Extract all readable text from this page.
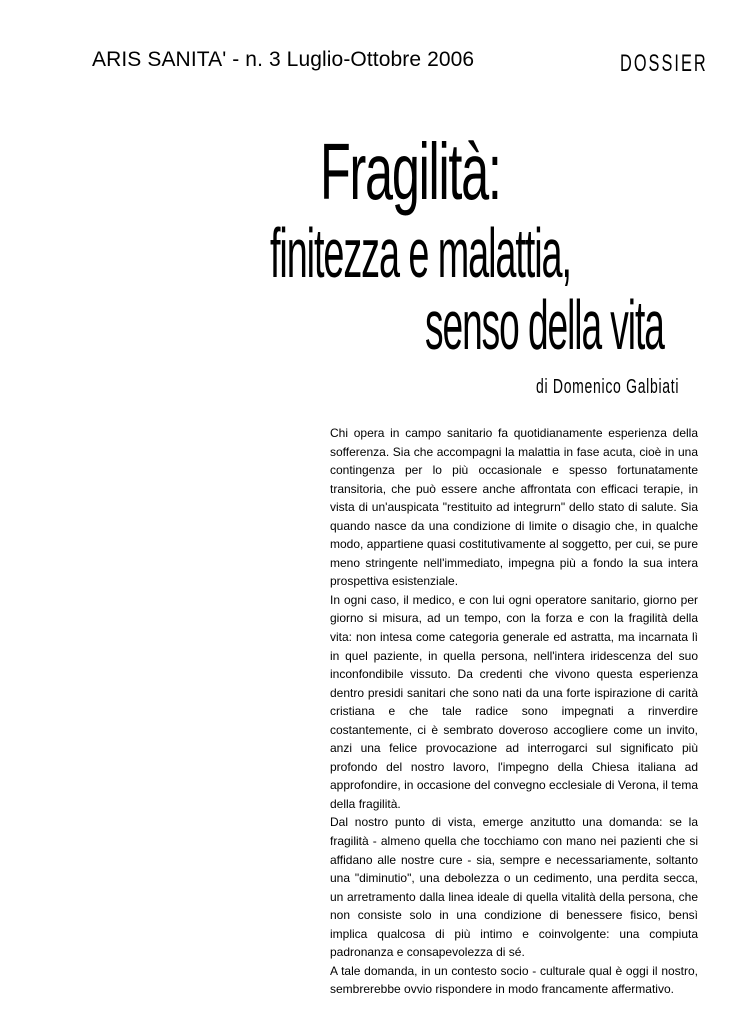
ARIS SANITA' - n. 3 Luglio-Ottobre 2006	DOSSIER
Fragilità:
finitezza e malattia,
senso della vita
di Domenico Galbiati

Chi opera in campo sanitario fa quotidianamente esperienza della sofferenza. Sia che accompagni la malattia in fase acuta, cioè in una contingenza per lo più occasionale e spesso fortunatamente transitoria, che può essere anche affrontata con efficaci terapie, in vista di un'auspicata "restituito ad integrurn" dello stato di salute. Sia quando nasce da una condizione di limite o disagio che, in qualche modo, appartiene quasi costitutivamente al soggetto, per cui, se pure meno stringente nell'immediato, impegna più a fondo la sua intera prospettiva esistenziale.

In ogni caso, il medico, e con lui ogni operatore sanitario, giorno per giorno si misura, ad un tempo, con la forza e con la fragilità della vita: non intesa come categoria generale ed astratta, ma incarnata lì in quel paziente, in quella persona, nell'intera iridescenza del suo inconfondibile vissuto. Da credenti che vivono questa esperienza dentro presidi sanitari che sono nati da una forte ispirazione di carità cristiana e che tale radice sono impegnati a rinverdire costantemente, ci è sembrato doveroso accogliere come un invito, anzi una felice provocazione ad interrogarci sul significato più profondo del nostro lavoro, l'impegno della Chiesa italiana ad approfondire, in occasione del convegno ecclesiale di Verona, il tema della fragilità.

Dal nostro punto di vista, emerge anzitutto una domanda: se la fragilità - almeno quella che tocchiamo con mano nei pazienti che si affidano alle nostre cure - sia, sempre e necessariamente, soltanto una "diminutio", una debolezza o un cedimento, una perdita secca, un arretramento dalla linea ideale di quella vitalità della persona, che non consiste solo in una condizione di benessere fisico, bensì implica qualcosa di più intimo e coinvolgente: una compiuta padronanza e consapevolezza di sé.

A tale domanda, in un contesto socio - culturale qual è oggi il nostro, sembrerebbe ovvio rispondere in modo francamente affermativo.
